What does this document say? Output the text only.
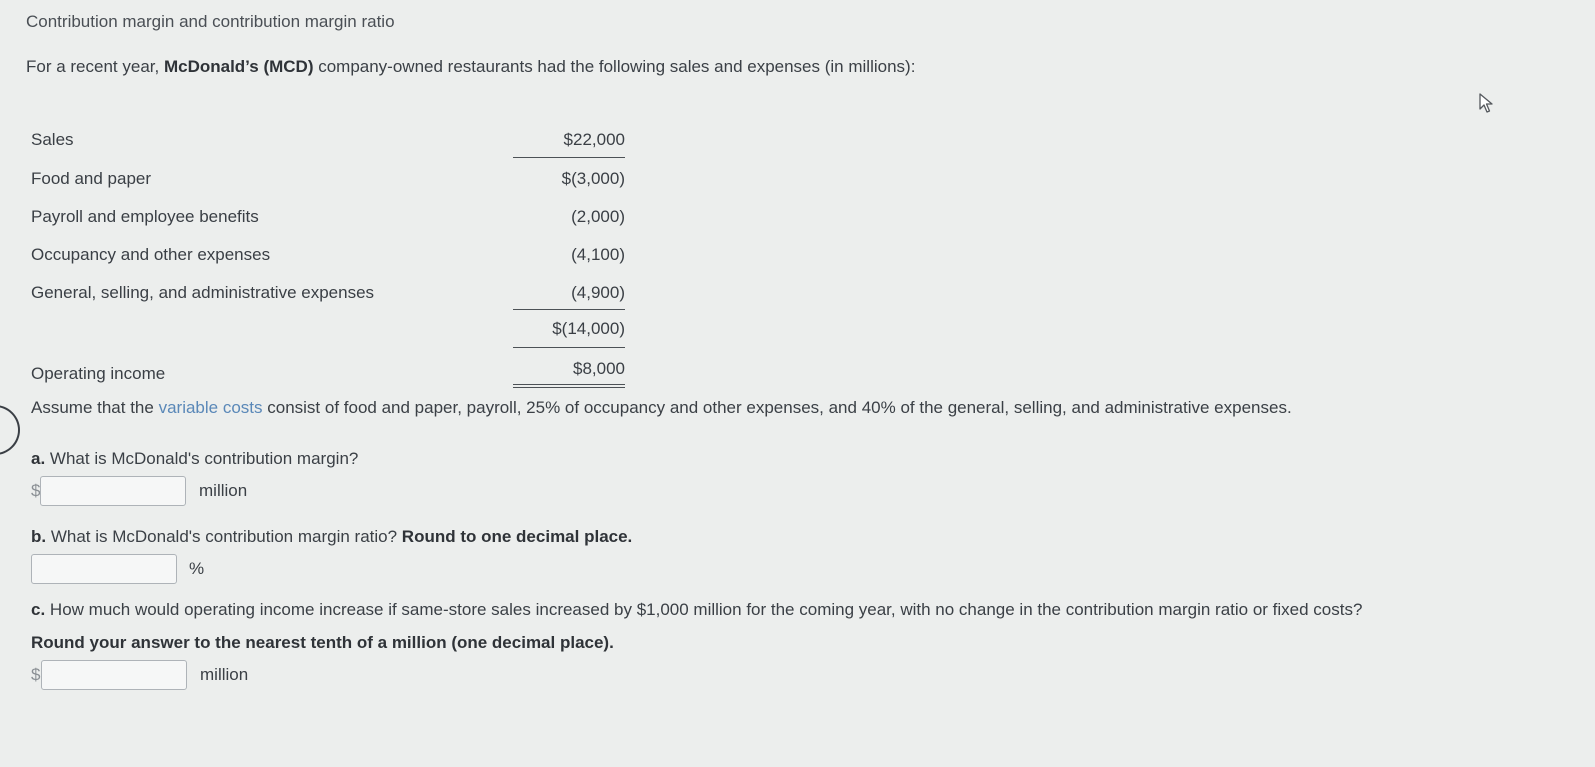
Contribution margin and contribution margin ratio
For a recent year, McDonald’s (MCD) company-owned restaurants had the following sales and expenses (in millions):
Sales	$22,000
Food and paper	$(3,000)
Payroll and employee benefits	(2,000)
Occupancy and other expenses	(4,100)
General, selling, and administrative expenses	(4,900)
$(14,000)
Operating income	$8,000
Assume that the variable costs consist of food and paper, payroll, 25% of occupancy and other expenses, and 40% of the general, selling, and administrative expenses.
a. What is McDonald's contribution margin?
$	million
b. What is McDonald's contribution margin ratio? Round to one decimal place.
%
c. How much would operating income increase if same-store sales increased by $1,000 million for the coming year, with no change in the contribution margin ratio or fixed costs?
Round your answer to the nearest tenth of a million (one decimal place).
$	million
